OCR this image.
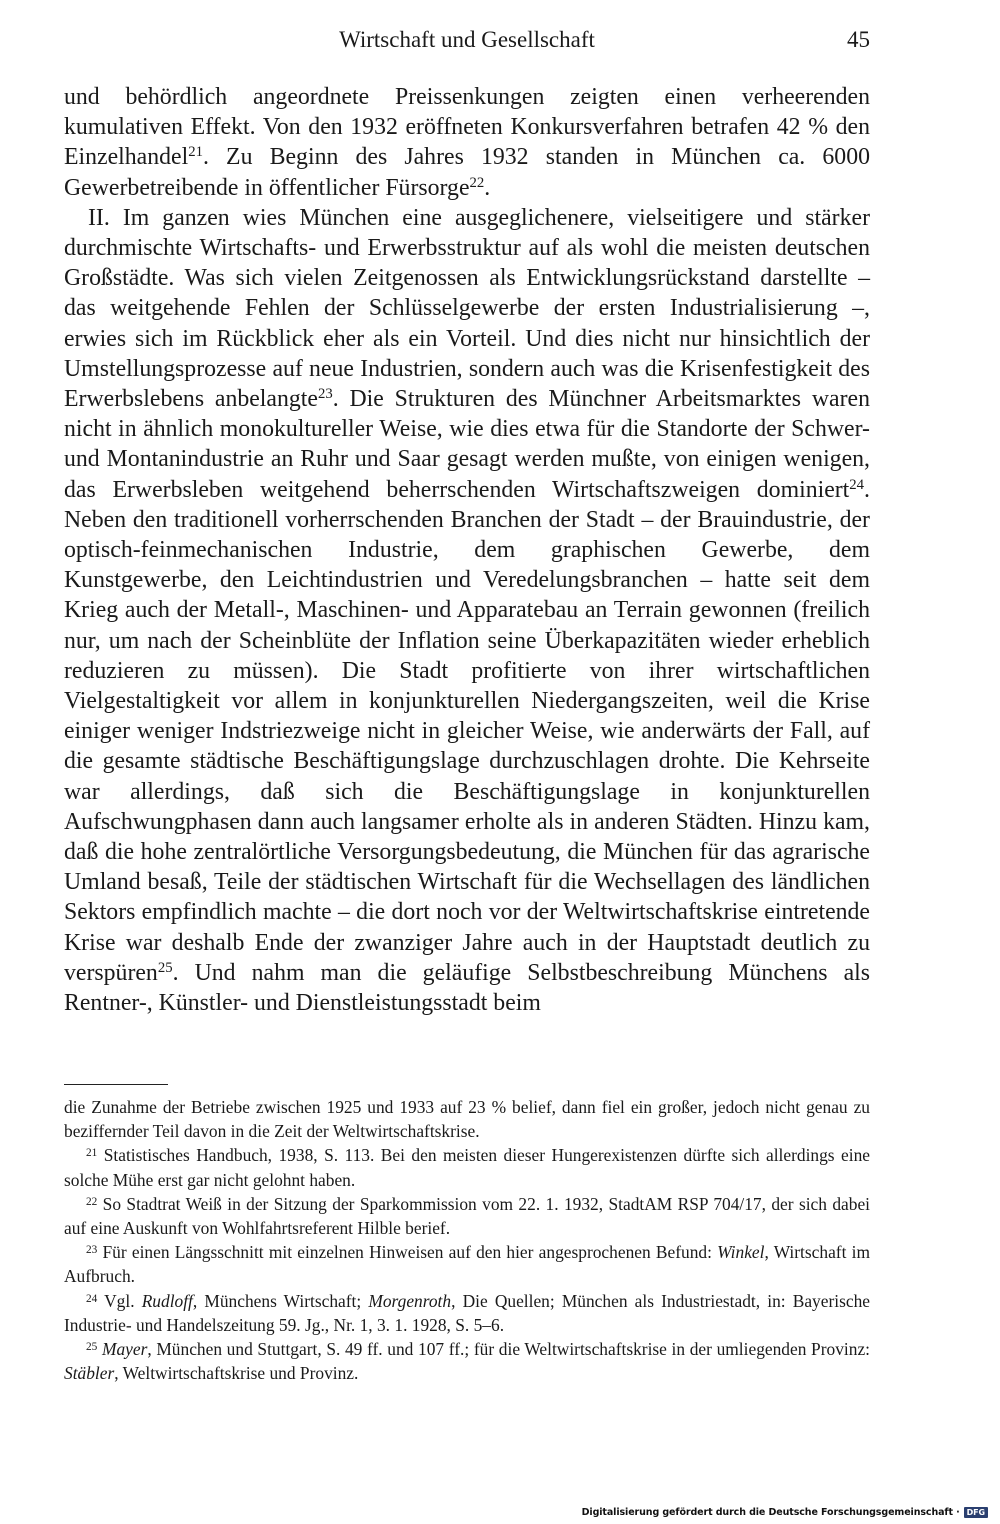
Wirtschaft und Gesellschaft	45

und behördlich angeordnete Preissenkungen zeigten einen verheerenden kumulativen Effekt. Von den 1932 eröffneten Konkursverfahren betrafen 42 % den Einzelhandel$^{21}$. Zu Beginn des Jahres 1932 standen in München ca. 6000 Gewerbetreibende in öffentlicher Fürsorge$^{22}$.

II. Im ganzen wies München eine ausgeglichenere, vielseitigere und stärker durchmischte Wirtschafts- und Erwerbsstruktur auf als wohl die meisten deutschen Großstädte. Was sich vielen Zeitgenossen als Entwicklungsrückstand darstellte – das weitgehende Fehlen der Schlüsselgewerbe der ersten Industrialisierung –, erwies sich im Rückblick eher als ein Vorteil. Und dies nicht nur hinsichtlich der Umstellungsprozesse auf neue Industrien, sondern auch was die Krisenfestigkeit des Erwerbslebens anbelangte$^{23}$. Die Strukturen des Münchner Arbeitsmarktes waren nicht in ähnlich monokultureller Weise, wie dies etwa für die Standorte der Schwer- und Montanindustrie an Ruhr und Saar gesagt werden mußte, von einigen wenigen, das Erwerbsleben weitgehend beherrschenden Wirtschaftszweigen dominiert$^{24}$. Neben den traditionell vorherrschenden Branchen der Stadt – der Brauindustrie, der optisch-feinmechanischen Industrie, dem graphischen Gewerbe, dem Kunstgewerbe, den Leichtindustrien und Veredelungsbranchen – hatte seit dem Krieg auch der Metall-, Maschinen- und Apparatebau an Terrain gewonnen (freilich nur, um nach der Scheinblüte der Inflation seine Überkapazitäten wieder erheblich reduzieren zu müssen). Die Stadt profitierte von ihrer wirtschaftlichen Vielgestaltigkeit vor allem in konjunkturellen Niedergangszeiten, weil die Krise einiger weniger Indstriezweige nicht in gleicher Weise, wie anderwärts der Fall, auf die gesamte städtische Beschäftigungslage durchzuschlagen drohte. Die Kehrseite war allerdings, daß sich die Beschäftigungslage in konjunkturellen Aufschwungphasen dann auch langsamer erholte als in anderen Städten. Hinzu kam, daß die hohe zentralörtliche Versorgungsbedeutung, die München für das agrarische Umland besaß, Teile der städtischen Wirtschaft für die Wechsellagen des ländlichen Sektors empfindlich machte – die dort noch vor der Weltwirtschaftskrise eintretende Krise war deshalb Ende der zwanziger Jahre auch in der Hauptstadt deutlich zu verspüren$^{25}$. Und nahm man die geläufige Selbstbeschreibung Münchens als Rentner-, Künstler- und Dienstleistungsstadt beim

die Zunahme der Betriebe zwischen 1925 und 1933 auf 23 % belief, dann fiel ein großer, jedoch nicht genau zu beziffernder Teil davon in die Zeit der Weltwirtschaftskrise.

$^{21}$ Statistisches Handbuch, 1938, S. 113. Bei den meisten dieser Hungerexistenzen dürfte sich allerdings eine solche Mühe erst gar nicht gelohnt haben.

$^{22}$ So Stadtrat Weiß in der Sitzung der Sparkommission vom 22. 1. 1932, StadtAM RSP 704/17, der sich dabei auf eine Auskunft von Wohlfahrtsreferent Hilble berief.

$^{23}$ Für einen Längsschnitt mit einzelnen Hinweisen auf den hier angesprochenen Befund: Winkel, Wirtschaft im Aufbruch.

$^{24}$ Vgl. Rudloff, Münchens Wirtschaft; Morgenroth, Die Quellen; München als Industriestadt, in: Bayerische Industrie- und Handelszeitung 59. Jg., Nr. 1, 3. 1. 1928, S. 5–6.

$^{25}$ Mayer, München und Stuttgart, S. 49 ff. und 107 ff.; für die Weltwirtschaftskrise in der umliegenden Provinz: Stäbler, Weltwirtschaftskrise und Provinz.

Digitalisierung gefördert durch die Deutsche Forschungsgemeinschaft · DFG
